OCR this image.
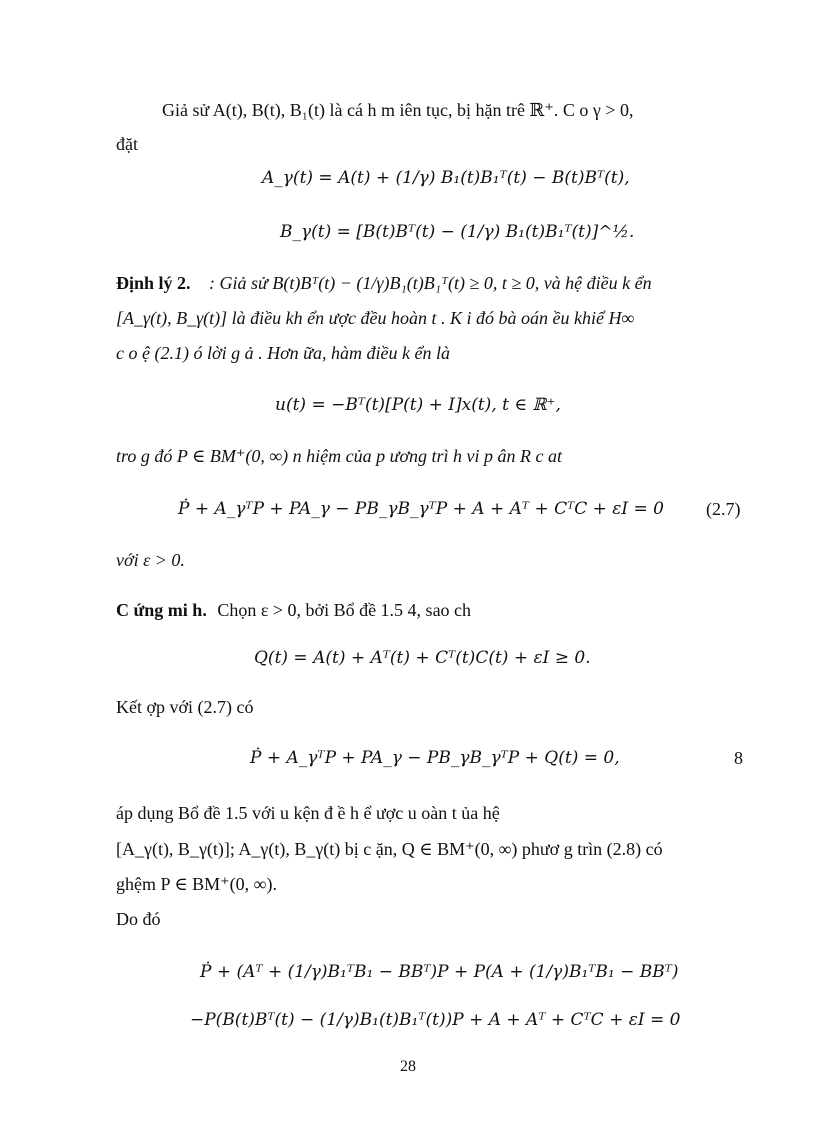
Giả sử A(t), B(t), B₁(t) là cá h m iên tục, bị hặn trê ℝ⁺. C o γ > 0,
đặt
A_γ(t) = A(t) + (1/γ) B₁(t)B₁ᵀ(t) − B(t)Bᵀ(t),
B_γ(t) = [B(t)Bᵀ(t) − (1/γ) B₁(t)B₁ᵀ(t)]^½.
Định lý 2. : Giả sử B(t)Bᵀ(t) − (1/γ)B₁(t)B₁ᵀ(t) ≥ 0, t ≥ 0, và hệ điều k ển
[A_γ(t), B_γ(t)] là điều kh ển ược đều hoàn t . K i đó bà oán ều khiể H∞
c o ệ (2.1) ó lời g ả . Hơn ữa, hàm điều k ển là
u(t) = −Bᵀ(t)[P(t) + I]x(t), t ∈ ℝ⁺,
tro g đó P ∈ BM⁺(0, ∞) n hiệm của p ương trì h vi p ân R c at
Ṗ + A_γᵀP + PA_γ − PB_γB_γᵀP + A + Aᵀ + CᵀC + εI = 0 (2.7)
với ε > 0.
C ứng mi h. Chọn ε > 0, bởi Bổ đề 1.5 4, sao ch
Q(t) = A(t) + Aᵀ(t) + Cᵀ(t)C(t) + εI ≥ 0.
Kết ợp với (2.7) có
Ṗ + A_γᵀP + PA_γ − PB_γB_γᵀP + Q(t) = 0,	8
áp dụng Bổ đề 1.5 với u kện đ ề h ể ược u oàn t ủa hệ
[A_γ(t), B_γ(t)]; A_γ(t), B_γ(t) bị c ặn, Q ∈ BM⁺(0, ∞) phươ g trìn (2.8) có
ghệm P ∈ BM⁺(0, ∞).
Do đó
Ṗ + (Aᵀ + (1/γ)B₁ᵀB₁ − BBᵀ)P + P(A + (1/γ)B₁ᵀB₁ − BBᵀ)
−P(B(t)Bᵀ(t) − (1/γ)B₁(t)B₁ᵀ(t))P + A + Aᵀ + CᵀC + εI = 0
28
